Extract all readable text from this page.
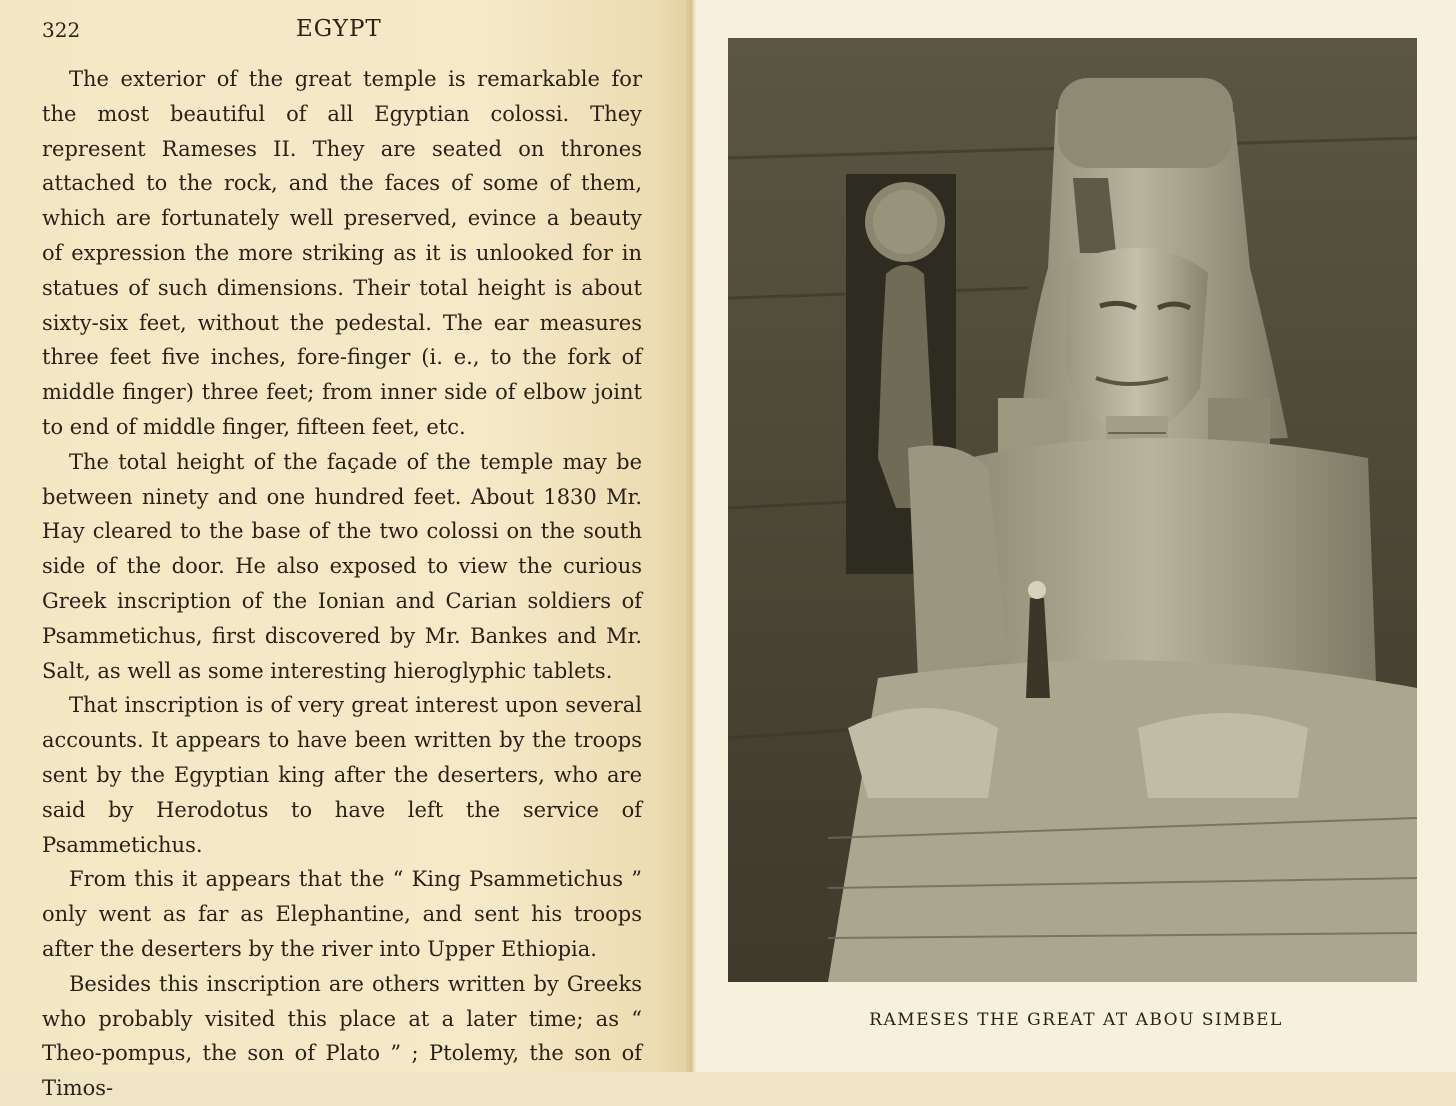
322	EGYPT

The exterior of the great temple is remarkable for the most beautiful of all Egyptian colossi. They represent Rameses II. They are seated on thrones attached to the rock, and the faces of some of them, which are fortunately well preserved, evince a beauty of expression the more striking as it is unlooked for in statues of such dimensions. Their total height is about sixty-six feet, without the pedestal. The ear measures three feet five inches, fore-finger (i. e., to the fork of middle finger) three feet; from inner side of elbow joint to end of middle finger, fifteen feet, etc.

The total height of the façade of the temple may be between ninety and one hundred feet. About 1830 Mr. Hay cleared to the base of the two colossi on the south side of the door. He also exposed to view the curious Greek inscription of the Ionian and Carian soldiers of Psammetichus, first discovered by Mr. Bankes and Mr. Salt, as well as some interesting hieroglyphic tablets.

That inscription is of very great interest upon several accounts. It appears to have been written by the troops sent by the Egyptian king after the deserters, who are said by Herodotus to have left the service of Psammetichus.

From this it appears that the “ King Psammetichus ” only went as far as Elephantine, and sent his troops after the deserters by the river into Upper Ethiopia.

Besides this inscription are others written by Greeks who probably visited this place at a later time; as “ Theo-pompus, the son of Plato ” ; Ptolemy, the son of Timos-

RAMESES THE GREAT AT ABOU SIMBEL
